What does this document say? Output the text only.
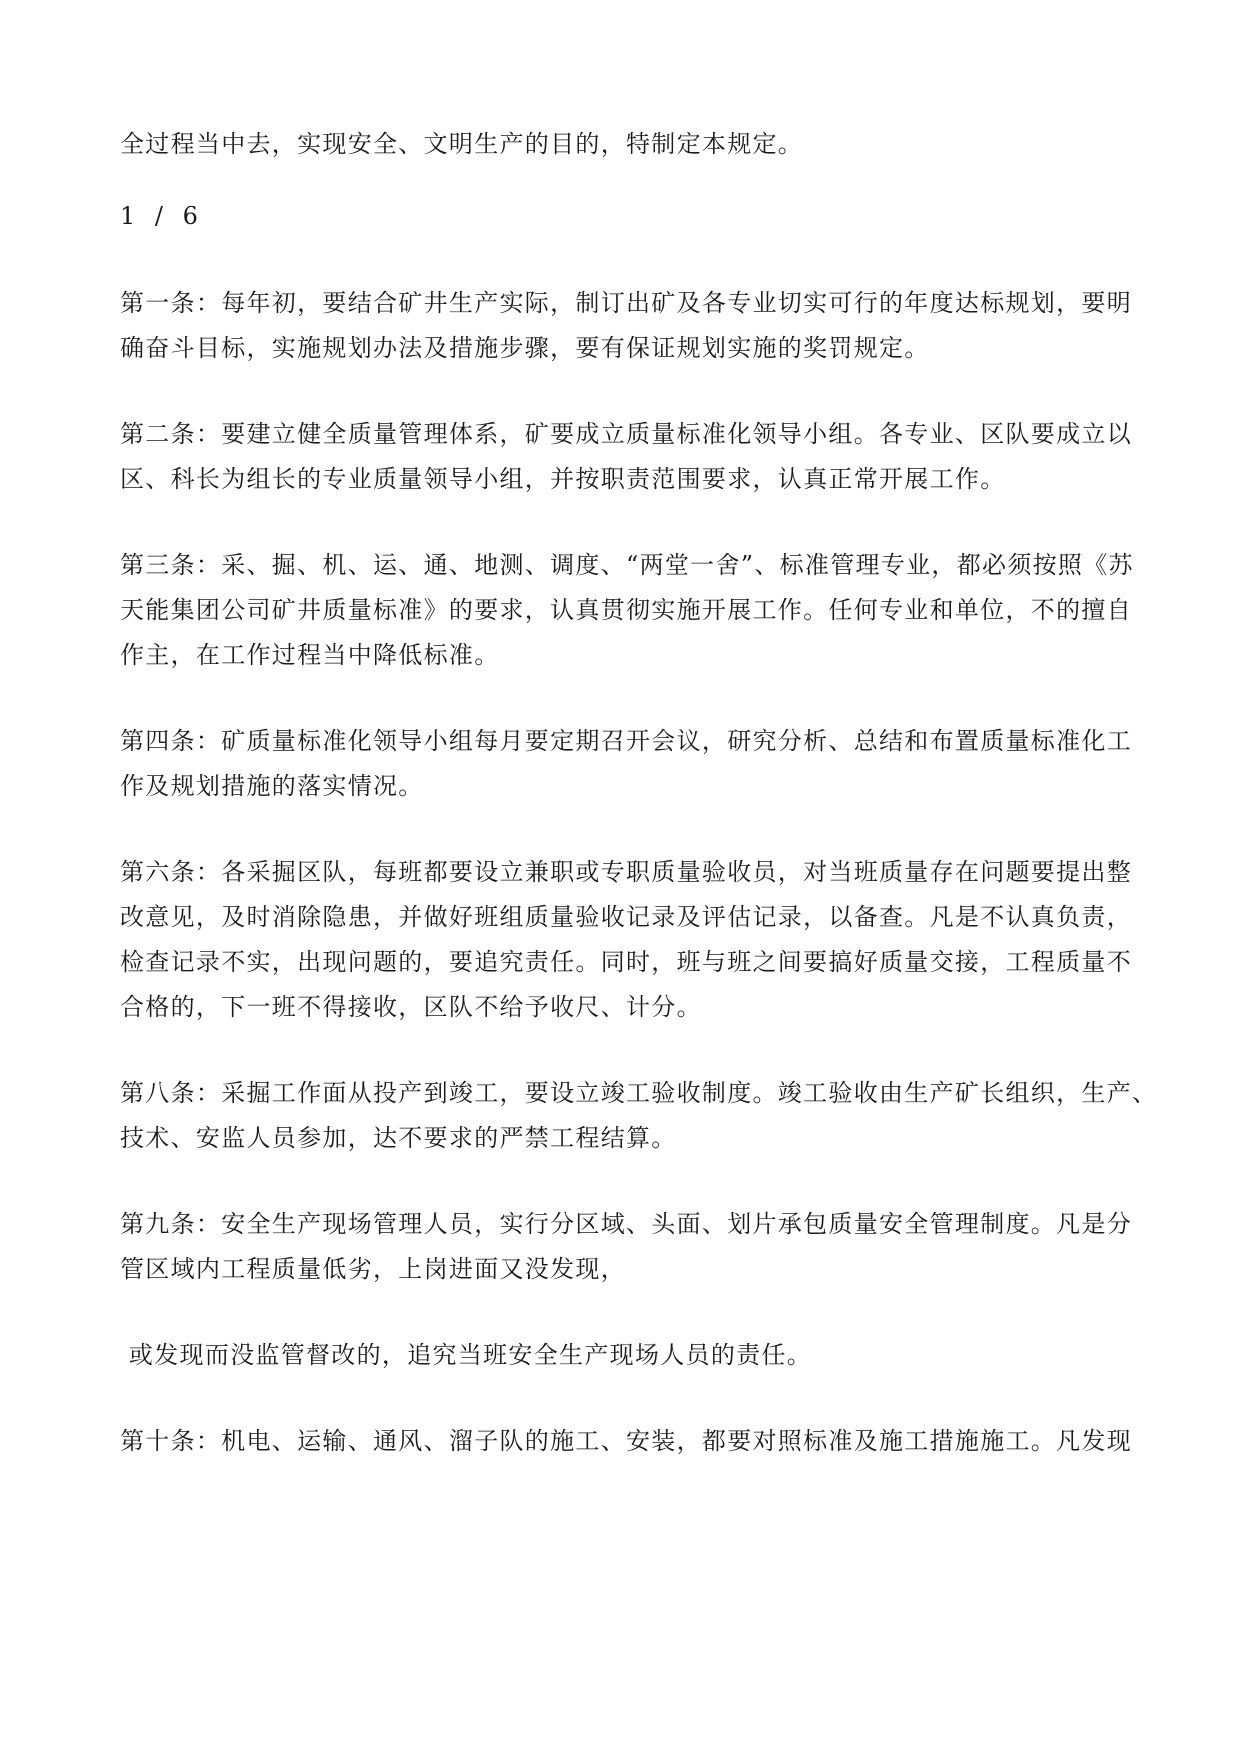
全过程当中去，实现安全、文明生产的目的，特制定本规定。

1 / 6

第一条：每年初，要结合矿井生产实际，制订出矿及各专业切实可行的年度达标规划，要明

确奋斗目标，实施规划办法及措施步骤，要有保证规划实施的奖罚规定。

第二条：要建立健全质量管理体系，矿要成立质量标准化领导小组。各专业、区队要成立以

区、科长为组长的专业质量领导小组，并按职责范围要求，认真正常开展工作。

第三条：采、掘、机、运、通、地测、调度、“两堂一舍”、标准管理专业，都必须按照《苏

天能集团公司矿井质量标准》的要求，认真贯彻实施开展工作。任何专业和单位，不的擅自

作主，在工作过程当中降低标准。

第四条：矿质量标准化领导小组每月要定期召开会议，研究分析、总结和布置质量标准化工

作及规划措施的落实情况。

第六条：各采掘区队，每班都要设立兼职或专职质量验收员，对当班质量存在问题要提出整

改意见，及时消除隐患，并做好班组质量验收记录及评估记录，以备查。凡是不认真负责，

检查记录不实，出现问题的，要追究责任。同时，班与班之间要搞好质量交接，工程质量不

合格的，下一班不得接收，区队不给予收尺、计分。

第八条：采掘工作面从投产到竣工，要设立竣工验收制度。竣工验收由生产矿长组织，生产、

技术、安监人员参加，达不要求的严禁工程结算。

第九条：安全生产现场管理人员，实行分区域、头面、划片承包质量安全管理制度。凡是分

管区域内工程质量低劣，上岗进面又没发现，

或发现而没监管督改的，追究当班安全生产现场人员的责任。

第十条：机电、运输、通风、溜子队的施工、安装，都要对照标准及施工措施施工。凡发现
